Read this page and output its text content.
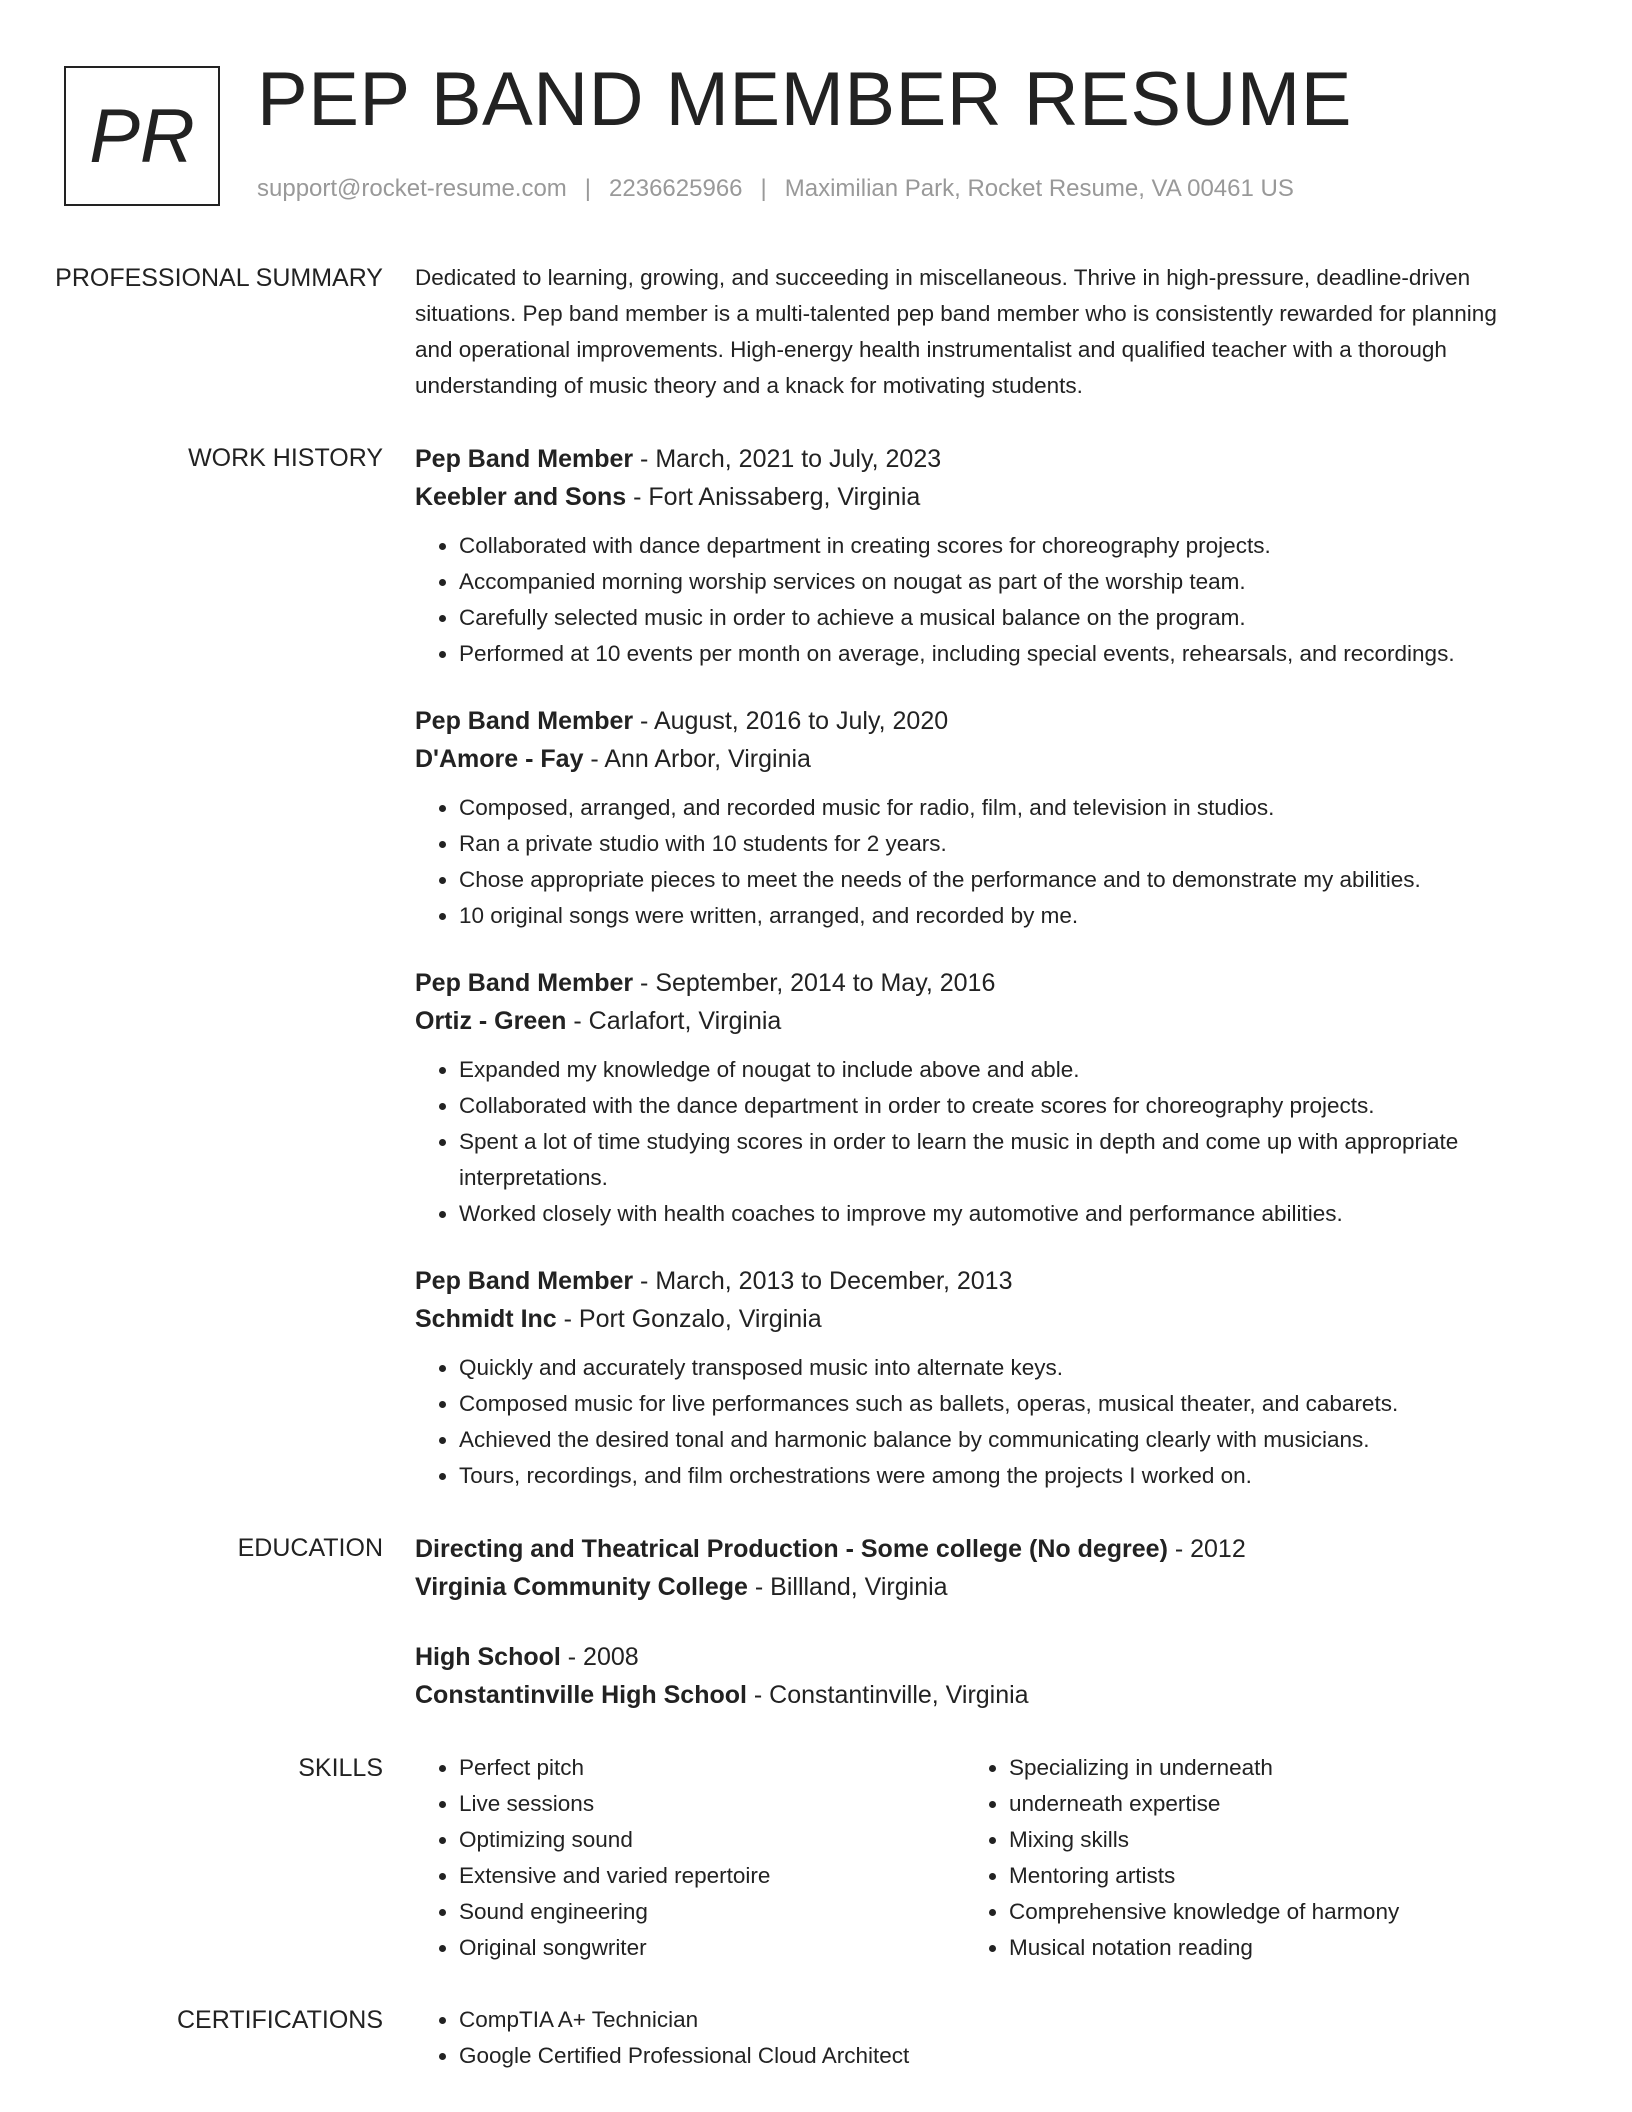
PR PEP BAND MEMBER RESUME
support@rocket-resume.com | 2236625966 | Maximilian Park, Rocket Resume, VA 00461 US
PROFESSIONAL SUMMARY	Dedicated to learning, growing, and succeeding in miscellaneous. Thrive in high-pressure, deadline-driven situations. Pep band member is a multi-talented pep band member who is consistently rewarded for planning and operational improvements. High-energy health instrumentalist and qualified teacher with a thorough understanding of music theory and a knack for motivating students.

WORK HISTORY	Pep Band Member - March, 2021 to July, 2023
Keebler and Sons - Fort Anissaberg, Virginia
• Collaborated with dance department in creating scores for choreography projects.
• Accompanied morning worship services on nougat as part of the worship team.
• Carefully selected music in order to achieve a musical balance on the program.
• Performed at 10 events per month on average, including special events, rehearsals, and recordings.
Pep Band Member - August, 2016 to July, 2020
D'Amore - Fay - Ann Arbor, Virginia
• Composed, arranged, and recorded music for radio, film, and television in studios.
• Ran a private studio with 10 students for 2 years.
• Chose appropriate pieces to meet the needs of the performance and to demonstrate my abilities.
• 10 original songs were written, arranged, and recorded by me.
Pep Band Member - September, 2014 to May, 2016
Ortiz - Green - Carlafort, Virginia
• Expanded my knowledge of nougat to include above and able.
• Collaborated with the dance department in order to create scores for choreography projects.
• Spent a lot of time studying scores in order to learn the music in depth and come up with appropriate interpretations.
• Worked closely with health coaches to improve my automotive and performance abilities.
Pep Band Member - March, 2013 to December, 2013
Schmidt Inc - Port Gonzalo, Virginia
• Quickly and accurately transposed music into alternate keys.
• Composed music for live performances such as ballets, operas, musical theater, and cabarets.
• Achieved the desired tonal and harmonic balance by communicating clearly with musicians.
• Tours, recordings, and film orchestrations were among the projects I worked on.
EDUCATION	Directing and Theatrical Production - Some college (No degree) - 2012
Virginia Community College - Billland, Virginia
High School - 2008
Constantinville High School - Constantinville, Virginia
SKILLS	• Perfect pitch
• Live sessions
• Optimizing sound
• Extensive and varied repertoire
• Sound engineering
• Original songwriter
• Specializing in underneath
• underneath expertise
• Mixing skills
• Mentoring artists
• Comprehensive knowledge of harmony
• Musical notation reading
CERTIFICATIONS	• CompTIA A+ Technician
• Google Certified Professional Cloud Architect
